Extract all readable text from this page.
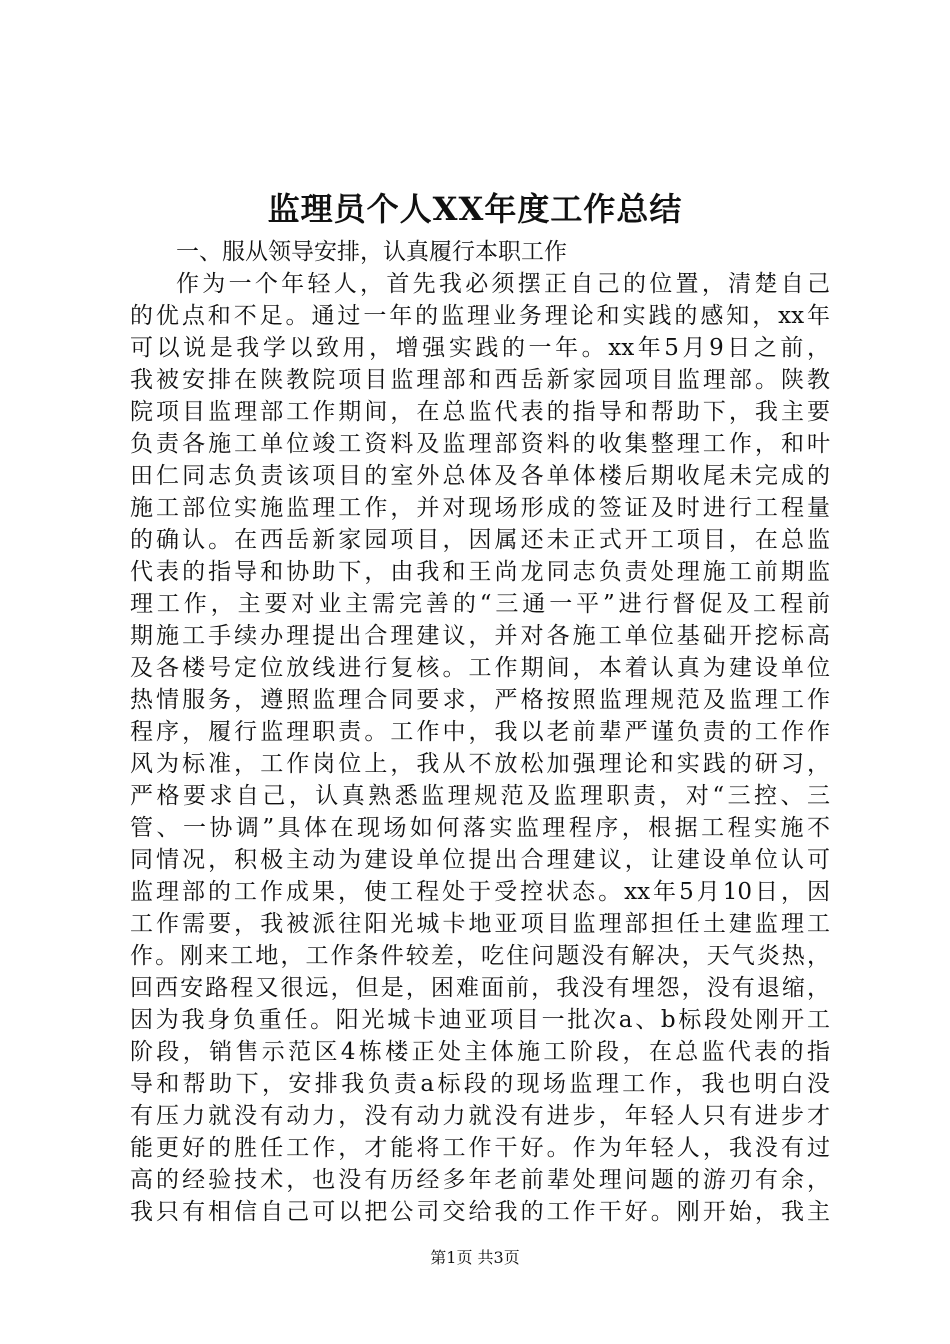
监理员个人XX年度工作总结
一、服从领导安排，认真履行本职工作
作为一个年轻人，首先我必须摆正自己的位置，清楚自己
的优点和不足。通过一年的监理业务理论和实践的感知，xx年
可以说是我学以致用，增强实践的一年。xx年5月9日之前，
我被安排在陕教院项目监理部和西岳新家园项目监理部。陕教
院项目监理部工作期间，在总监代表的指导和帮助下，我主要
负责各施工单位竣工资料及监理部资料的收集整理工作，和叶
田仁同志负责该项目的室外总体及各单体楼后期收尾未完成的
施工部位实施监理工作，并对现场形成的签证及时进行工程量
的确认。在西岳新家园项目，因属还未正式开工项目，在总监
代表的指导和协助下，由我和王尚龙同志负责处理施工前期监
理工作，主要对业主需完善的“三通一平”进行督促及工程前
期施工手续办理提出合理建议，并对各施工单位基础开挖标高
及各楼号定位放线进行复核。工作期间，本着认真为建设单位
热情服务，遵照监理合同要求，严格按照监理规范及监理工作
程序，履行监理职责。工作中，我以老前辈严谨负责的工作作
风为标准，工作岗位上，我从不放松加强理论和实践的研习，
严格要求自己，认真熟悉监理规范及监理职责，对“三控、三
管、一协调”具体在现场如何落实监理程序，根据工程实施不
同情况，积极主动为建设单位提出合理建议，让建设单位认可
监理部的工作成果，使工程处于受控状态。xx年5月10日，因
工作需要，我被派往阳光城卡地亚项目监理部担任土建监理工
作。刚来工地，工作条件较差，吃住问题没有解决，天气炎热，
回西安路程又很远，但是，困难面前，我没有埋怨，没有退缩，
因为我身负重任。阳光城卡迪亚项目一批次a、b标段处刚开工
阶段，销售示范区4栋楼正处主体施工阶段，在总监代表的指
导和帮助下，安排我负责a标段的现场监理工作，我也明白没
有压力就没有动力，没有动力就没有进步，年轻人只有进步才
能更好的胜任工作，才能将工作干好。作为年轻人，我没有过
高的经验技术，也没有历经多年老前辈处理问题的游刃有余，
我只有相信自己可以把公司交给我的工作干好。刚开始，我主
第1页 共3页
